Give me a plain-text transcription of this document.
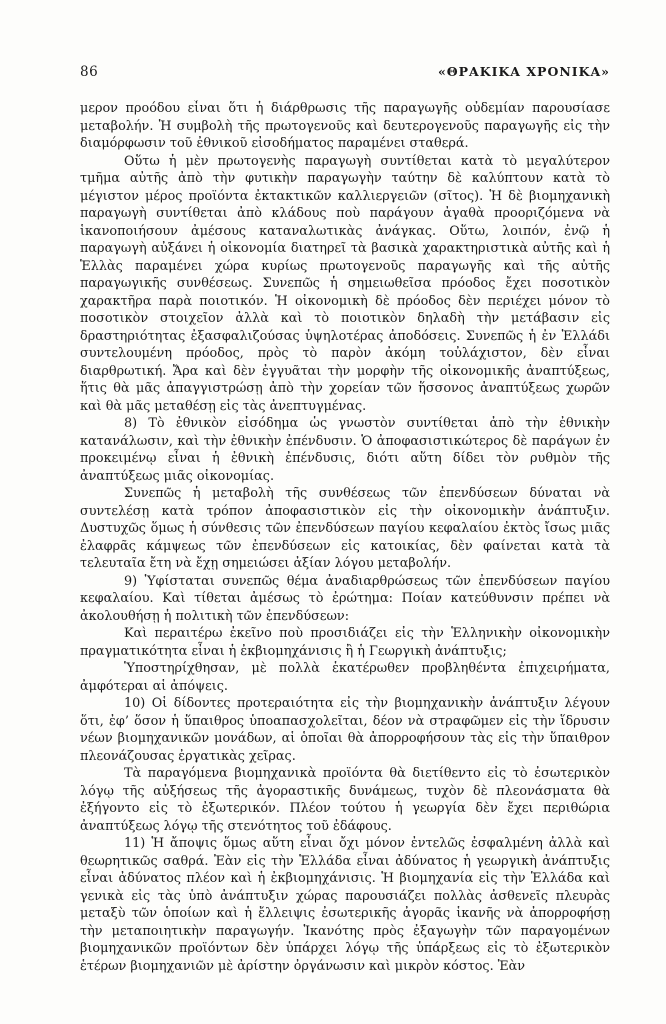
86	«ΘΡΑΚΙΚΑ ΧΡΟΝΙΚΑ»

μερον προόδου εἶναι ὅτι ἡ διάρθρωσις τῆς παραγωγῆς οὐδεμίαν παρουσίασε μεταβολήν. Ἡ συμβολὴ τῆς πρωτογενοῦς καὶ δευτερογενοῦς παραγωγῆς εἰς τὴν διαμόρφωσιν τοῦ ἐθνικοῦ εἰσοδήματος παραμένει σταθερά.

Οὕτω ἡ μὲν πρωτογενὴς παραγωγὴ συντίθεται κατὰ τὸ μεγαλύτερον τμῆμα αὐτῆς ἀπὸ τὴν φυτικὴν παραγωγὴν ταύτην δὲ καλύπτουν κατὰ τὸ μέγιστον μέρος προϊόντα ἐκτακτικῶν καλλιεργειῶν (σῖτος). Ἡ δὲ βιομηχανικὴ παραγωγὴ συντίθεται ἀπὸ κλάδους ποὺ παράγουν ἀγαθὰ προοριζόμενα νὰ ἱκανοποιήσουν ἀμέσους καταναλωτικὰς ἀνάγκας. Οὕτω, λοιπόν, ἐνῷ ἡ παραγωγὴ αὐξάνει ἡ οἰκονομία διατηρεῖ τὰ βασικὰ χαρακτηριστικὰ αὐτῆς καὶ ἡ Ἑλλὰς παραμένει χώρα κυρίως πρωτογενοῦς παραγωγῆς καὶ τῆς αὐτῆς παραγωγικῆς συνθέσεως. Συνεπῶς ἡ σημειωθεῖσα πρόοδος ἔχει ποσοτικὸν χαρακτῆρα παρὰ ποιοτικόν. Ἡ οἰκονομικὴ δὲ πρόοδος δὲν περιέχει μόνον τὸ ποσοτικὸν στοιχεῖον ἀλλὰ καὶ τὸ ποιοτικὸν δηλαδὴ τὴν μετάβασιν εἰς δραστηριότητας ἐξασφαλιζούσας ὑψηλοτέρας ἀποδόσεις. Συνεπῶς ἡ ἐν Ἑλλάδι συντελουμένη πρόοδος, πρὸς τὸ παρὸν ἀκόμη τοὐλάχιστον, δὲν εἶναι διαρθρωτική. Ἄρα καὶ δὲν ἐγγυᾶται τὴν μορφὴν τῆς οἰκονομικῆς ἀναπτύξεως, ἥτις θὰ μᾶς ἀπαγγιστρώσῃ ἀπὸ τὴν χορείαν τῶν ἥσσονος ἀναπτύξεως χωρῶν καὶ θὰ μᾶς μεταθέσῃ εἰς τὰς ἀνεπτυγμένας.

8) Τὸ ἐθνικὸν εἰσόδημα ὡς γνωστὸν συντίθεται ἀπὸ τὴν ἐθνικὴν κατανάλωσιν, καὶ τὴν ἐθνικὴν ἐπένδυσιν. Ὁ ἀποφασιστικώτερος δὲ παράγων ἐν προκειμένῳ εἶναι ἡ ἐθνικὴ ἐπένδυσις, διότι αὕτη δίδει τὸν ρυθμὸν τῆς ἀναπτύξεως μιᾶς οἰκονομίας.

Συνεπῶς ἡ μεταβολὴ τῆς συνθέσεως τῶν ἐπενδύσεων δύναται νὰ συντελέσῃ κατὰ τρόπον ἀποφασιστικὸν εἰς τὴν οἰκονομικὴν ἀνάπτυξιν. Δυστυχῶς ὅμως ἡ σύνθεσις τῶν ἐπενδύσεων παγίου κεφαλαίου ἐκτὸς ἴσως μιᾶς ἐλαφρᾶς κάμψεως τῶν ἐπενδύσεων εἰς κατοικίας, δὲν φαίνεται κατὰ τὰ τελευταῖα ἔτη νὰ ἔχῃ σημειώσει ἀξίαν λόγου μεταβολήν.

9) Ὑφίσταται συνεπῶς θέμα ἀναδιαρθρώσεως τῶν ἐπενδύσεων παγίου κεφαλαίου. Καὶ τίθεται ἀμέσως τὸ ἐρώτημα: Ποίαν κατεύθυνσιν πρέπει νὰ ἀκολουθήσῃ ἡ πολιτικὴ τῶν ἐπενδύσεων:

Καὶ περαιτέρω ἐκεῖνο ποὺ προσιδιάζει εἰς τὴν Ἑλληνικὴν οἰκονομικὴν πραγματικότητα εἶναι ἡ ἐκβιομηχάνισις ἢ ἡ Γεωργικὴ ἀνάπτυξις;

Ὑποστηρίχθησαν, μὲ πολλὰ ἑκατέρωθεν προβληθέντα ἐπιχειρήματα, ἀμφότεραι αἱ ἀπόψεις.

10) Οἱ δίδοντες προτεραιότητα εἰς τὴν βιομηχανικὴν ἀνάπτυξιν λέγουν ὅτι, ἐφ’ ὅσον ἡ ὕπαιθρος ὑποαπασχολεῖται, δέον νὰ στραφῶμεν εἰς τὴν ἵδρυσιν νέων βιομηχανικῶν μονάδων, αἱ ὁποῖαι θὰ ἀπορροφήσουν τὰς εἰς τὴν ὕπαιθρον πλεονάζουσας ἐργατικὰς χεῖρας.

Τὰ παραγόμενα βιομηχανικὰ προϊόντα θὰ διετίθεντο εἰς τὸ ἐσωτερικὸν λόγῳ τῆς αὐξήσεως τῆς ἀγοραστικῆς δυνάμεως, τυχὸν δὲ πλεονάσματα θὰ ἐξήγοντο εἰς τὸ ἐξωτερικόν. Πλέον τούτου ἡ γεωργία δὲν ἔχει περιθώρια ἀναπτύξεως λόγῳ τῆς στενότητος τοῦ ἐδάφους.

11) Ἡ ἄποψις ὅμως αὕτη εἶναι ὄχι μόνον ἐντελῶς ἐσφαλμένη ἀλλὰ καὶ θεωρητικῶς σαθρά. Ἐὰν εἰς τὴν Ἑλλάδα εἶναι ἀδύνατος ἡ γεωργικὴ ἀνάπτυξις εἶναι ἀδύνατος πλέον καὶ ἡ ἐκβιομηχάνισις. Ἡ βιομηχανία εἰς τὴν Ἑλλάδα καὶ γενικὰ εἰς τὰς ὑπὸ ἀνάπτυξιν χώρας παρουσιάζει πολλὰς ἀσθενεῖς πλευρὰς μεταξὺ τῶν ὁποίων καὶ ἡ ἔλλειψις ἐσωτερικῆς ἀγορᾶς ἱκανῆς νὰ ἀπορροφήσῃ τὴν μεταποιητικὴν παραγωγήν. Ἱκανότης πρὸς ἐξαγωγὴν τῶν παραγομένων βιομηχανικῶν προϊόντων δὲν ὑπάρχει λόγῳ τῆς ὑπάρξεως εἰς τὸ ἐξωτερικὸν ἑτέρων βιομηχανιῶν μὲ ἀρίστην ὀργάνωσιν καὶ μικρὸν κόστος. Ἐὰν
